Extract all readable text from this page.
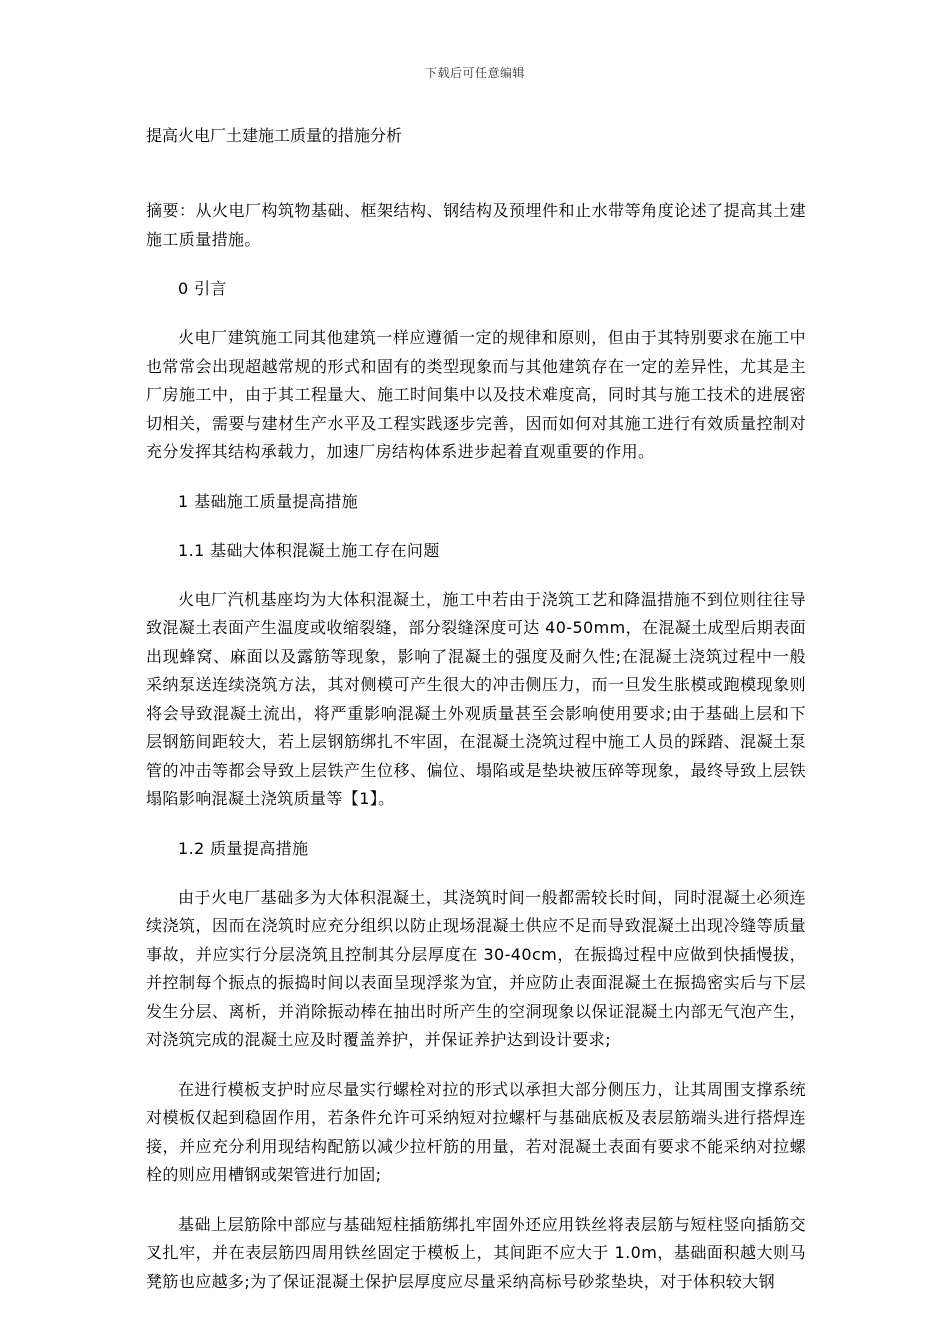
下载后可任意编辑
提高火电厂土建施工质量的措施分析

摘要：从火电厂构筑物基础、框架结构、钢结构及预埋件和止水带等角度论述了提高其土建施工质量措施。

0 引言

火电厂建筑施工同其他建筑一样应遵循一定的规律和原则，但由于其特别要求在施工中也常常会出现超越常规的形式和固有的类型现象而与其他建筑存在一定的差异性，尤其是主厂房施工中，由于其工程量大、施工时间集中以及技术难度高，同时其与施工技术的进展密切相关，需要与建材生产水平及工程实践逐步完善，因而如何对其施工进行有效质量控制对充分发挥其结构承载力，加速厂房结构体系进步起着直观重要的作用。

1 基础施工质量提高措施
1.1 基础大体积混凝土施工存在问题

火电厂汽机基座均为大体积混凝土，施工中若由于浇筑工艺和降温措施不到位则往往导致混凝土表面产生温度或收缩裂缝，部分裂缝深度可达 40-50mm，在混凝土成型后期表面出现蜂窝、麻面以及露筋等现象，影响了混凝土的强度及耐久性;在混凝土浇筑过程中一般采纳泵送连续浇筑方法，其对侧模可产生很大的冲击侧压力，而一旦发生胀模或跑模现象则将会导致混凝土流出，将严重影响混凝土外观质量甚至会影响使用要求;由于基础上层和下层钢筋间距较大，若上层钢筋绑扎不牢固，在混凝土浇筑过程中施工人员的踩踏、混凝土泵管的冲击等都会导致上层铁产生位移、偏位、塌陷或是垫块被压碎等现象，最终导致上层铁塌陷影响混凝土浇筑质量等【1】。

1.2 质量提高措施

由于火电厂基础多为大体积混凝土，其浇筑时间一般都需较长时间，同时混凝土必须连续浇筑，因而在浇筑时应充分组织以防止现场混凝土供应不足而导致混凝土出现冷缝等质量事故，并应实行分层浇筑且控制其分层厚度在 30-40cm，在振捣过程中应做到快插慢拔，并控制每个振点的振捣时间以表面呈现浮浆为宜，并应防止表面混凝土在振捣密实后与下层发生分层、离析，并消除振动棒在抽出时所产生的空洞现象以保证混凝土内部无气泡产生，对浇筑完成的混凝土应及时覆盖养护，并保证养护达到设计要求;

在进行模板支护时应尽量实行螺栓对拉的形式以承担大部分侧压力，让其周围支撑系统对模板仅起到稳固作用，若条件允许可采纳短对拉螺杆与基础底板及表层筋端头进行搭焊连接，并应充分利用现结构配筋以减少拉杆筋的用量，若对混凝土表面有要求不能采纳对拉螺栓的则应用槽钢或架管进行加固;

基础上层筋除中部应与基础短柱插筋绑扎牢固外还应用铁丝将表层筋与短柱竖向插筋交叉扎牢，并在表层筋四周用铁丝固定于模板上，其间距不应大于 1.0m，基础面积越大则马凳筋也应越多;为了保证混凝土保护层厚度应尽量采纳高标号砂浆垫块，对于体积较大钢
